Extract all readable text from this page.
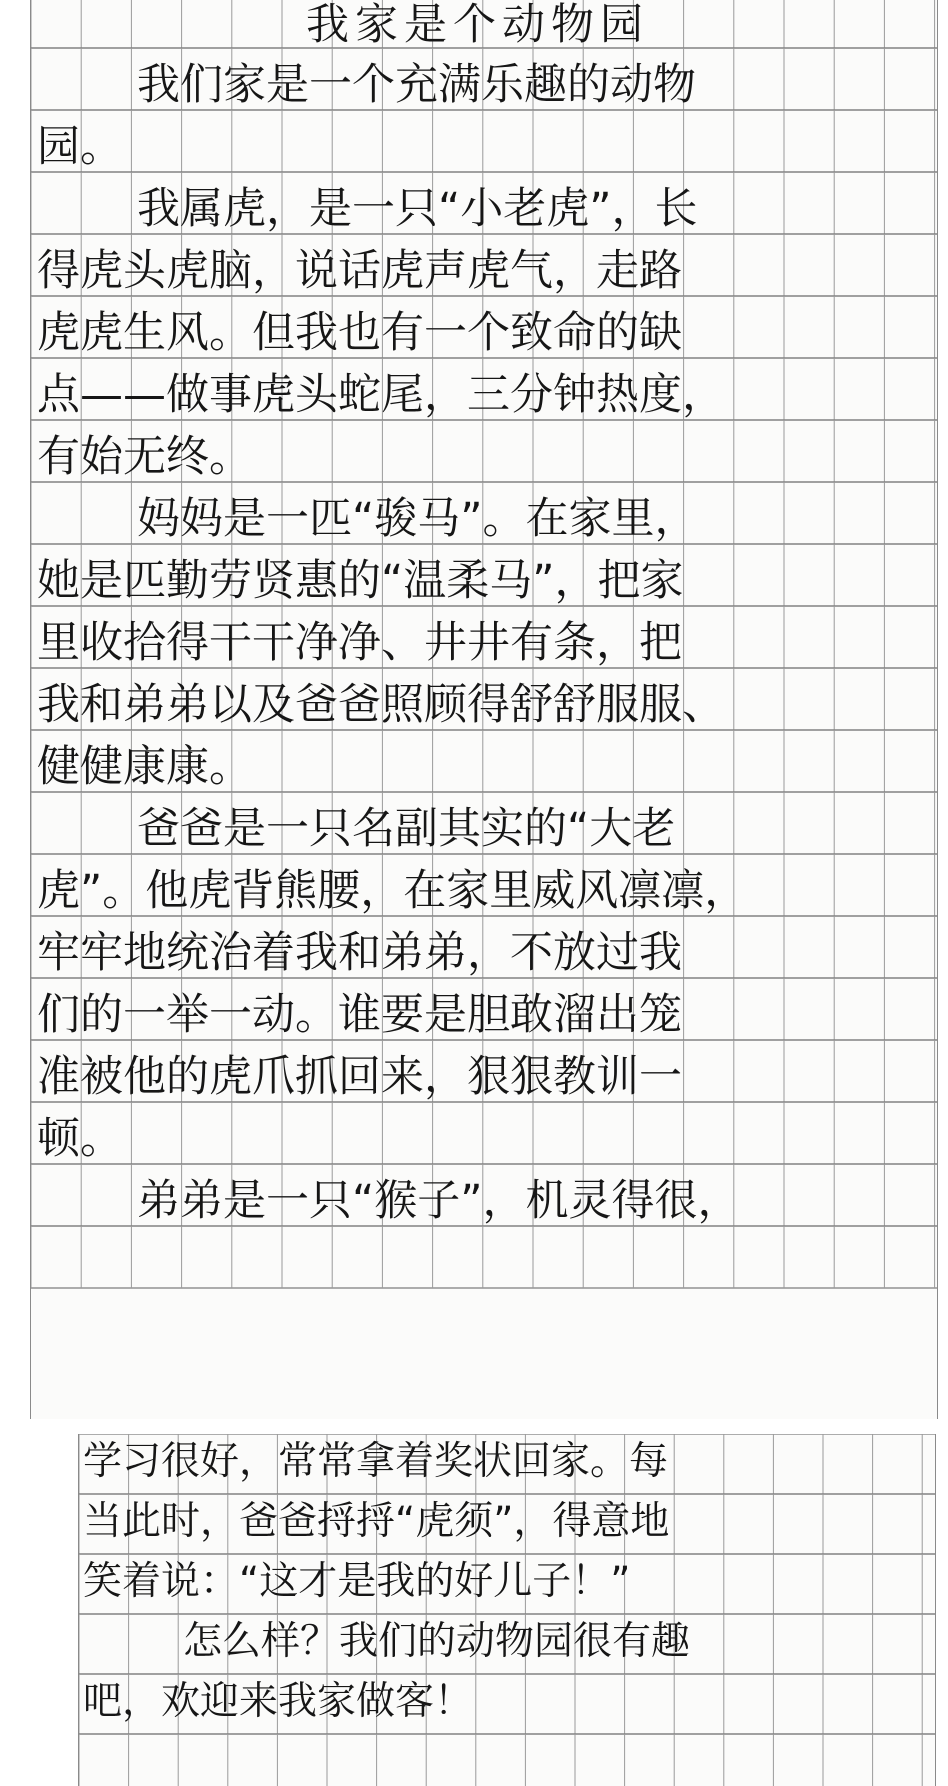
我家是个动物园
我们家是一个充满乐趣的动物
园。
我属虎，是一只“小老虎”，长
得虎头虎脑，说话虎声虎气，走路
虎虎生风。但我也有一个致命的缺
点——做事虎头蛇尾，三分钟热度，
有始无终。
妈妈是一匹“骏马”。在家里，
她是匹勤劳贤惠的“温柔马”，把家
里收拾得干干净净、井井有条，把
我和弟弟以及爸爸照顾得舒舒服服、
健健康康。
爸爸是一只名副其实的“大老
虎”。他虎背熊腰，在家里威风凛凛，
牢牢地统治着我和弟弟，不放过我
们的一举一动。谁要是胆敢溜出笼
准被他的虎爪抓回来，狠狠教训一
顿。
弟弟是一只“猴子”，机灵得很，
学习很好，常常拿着奖状回家。每
当此时，爸爸捋捋“虎须”，得意地
笑着说：“这才是我的好儿子！”
怎么样？我们的动物园很有趣
吧，欢迎来我家做客！
